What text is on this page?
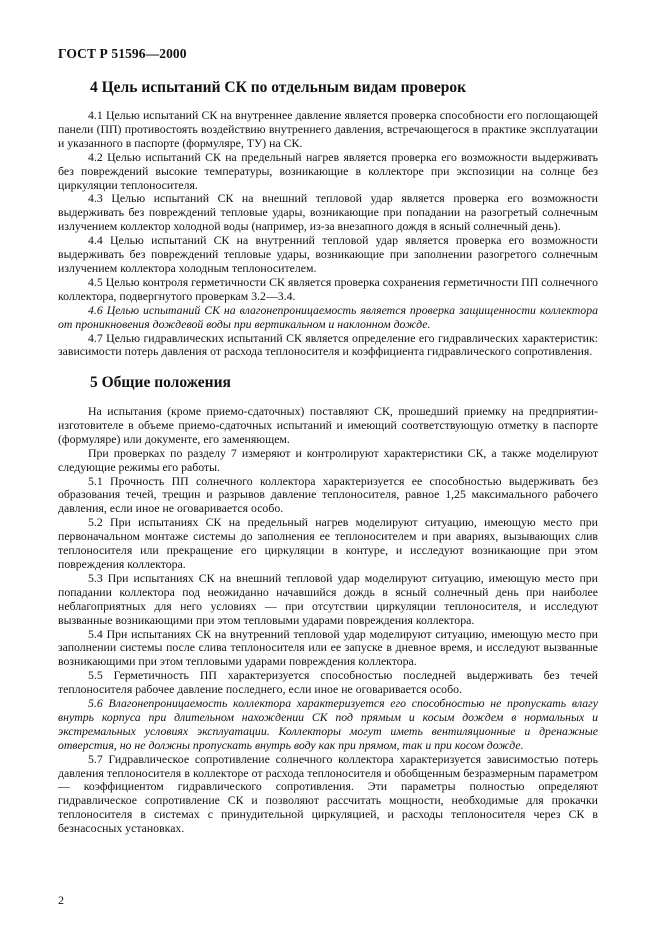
ГОСТ Р 51596—2000
4 Цель испытаний СК по отдельным видам проверок

4.1 Целью испытаний СК на внутреннее давление является проверка способности его поглощающей панели (ПП) противостоять воздействию внутреннего давления, встречающегося в практике эксплуатации и указанного в паспорте (формуляре, ТУ) на СК.

4.2 Целью испытаний СК на предельный нагрев является проверка его возможности выдерживать без повреждений высокие температуры, возникающие в коллекторе при экспозиции на солнце без циркуляции теплоносителя.

4.3 Целью испытаний СК на внешний тепловой удар является проверка его возможности выдерживать без повреждений тепловые удары, возникающие при попадании на разогретый солнечным излучением коллектор холодной воды (например, из-за внезапного дождя в ясный солнечный день).

4.4 Целью испытаний СК на внутренний тепловой удар является проверка его возможности выдерживать без повреждений тепловые удары, возникающие при заполнении разогретого солнечным излучением коллектора холодным теплоносителем.

4.5 Целью контроля герметичности СК является проверка сохранения герметичности ПП солнечного коллектора, подвергнутого проверкам 3.2—3.4.

4.6 Целью испытаний СК на влагонепроницаемость является проверка защищенности коллектора от проникновения дождевой воды при вертикальном и наклонном дожде.

4.7 Целью гидравлических испытаний СК является определение его гидравлических характеристик: зависимости потерь давления от расхода теплоносителя и коэффициента гидравлического сопротивления.

5 Общие положения

На испытания (кроме приемо-сдаточных) поставляют СК, прошедший приемку на предприятии-изготовителе в объеме приемо-сдаточных испытаний и имеющий соответствующую отметку в паспорте (формуляре) или документе, его заменяющем.

При проверках по разделу 7 измеряют и контролируют характеристики СК, а также моделируют следующие режимы его работы.

5.1 Прочность ПП солнечного коллектора характеризуется ее способностью выдерживать без образования течей, трещин и разрывов давление теплоносителя, равное 1,25 максимального рабочего давления, если иное не оговаривается особо.

5.2 При испытаниях СК на предельный нагрев моделируют ситуацию, имеющую место при первоначальном монтаже системы до заполнения ее теплоносителем и при авариях, вызывающих слив теплоносителя или прекращение его циркуляции в контуре, и исследуют возникающие при этом повреждения коллектора.

5.3 При испытаниях СК на внешний тепловой удар моделируют ситуацию, имеющую место при попадании коллектора под неожиданно начавшийся дождь в ясный солнечный день при наиболее неблагоприятных для него условиях — при отсутствии циркуляции теплоносителя, и исследуют вызванные возникающими при этом тепловыми ударами повреждения коллектора.

5.4 При испытаниях СК на внутренний тепловой удар моделируют ситуацию, имеющую место при заполнении системы после слива теплоносителя или ее запуске в дневное время, и исследуют вызванные возникающими при этом тепловыми ударами повреждения коллектора.

5.5 Герметичность ПП характеризуется способностью последней выдерживать без течей теплоносителя рабочее давление последнего, если иное не оговаривается особо.

5.6 Влагонепроницаемость коллектора характеризуется его способностью не пропускать влагу внутрь корпуса при длительном нахождении СК под прямым и косым дождем в нормальных и экстремальных условиях эксплуатации. Коллекторы могут иметь вентиляционные и дренажные отверстия, но не должны пропускать внутрь воду как при прямом, так и при косом дожде.

5.7 Гидравлическое сопротивление солнечного коллектора характеризуется зависимостью потерь давления теплоносителя в коллекторе от расхода теплоносителя и обобщенным безразмерным параметром — коэффициентом гидравлического сопротивления. Эти параметры полностью определяют гидравлическое сопротивление СК и позволяют рассчитать мощности, необходимые для прокачки теплоносителя в системах с принудительной циркуляцией, и расходы теплоносителя через СК в безнасосных установках.

2
